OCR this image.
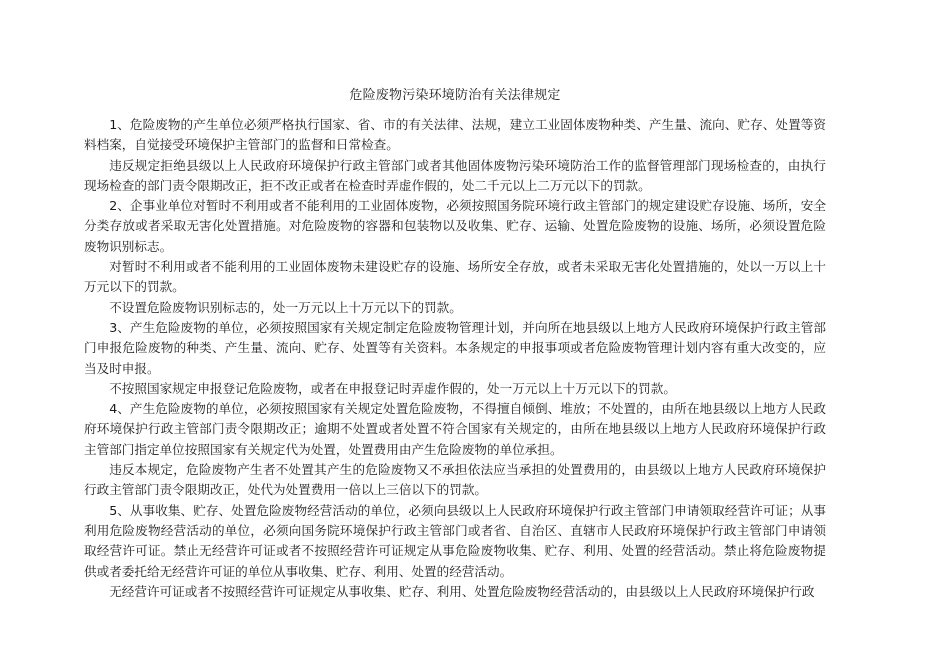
危险废物污染环境防治有关法律规定

1、危险废物的产生单位必须严格执行国家、省、市的有关法律、法规，建立工业固体废物种类、产生量、流向、贮存、处置等资料档案，自觉接受环境保护主管部门的监督和日常检查。

违反规定拒绝县级以上人民政府环境保护行政主管部门或者其他固体废物污染环境防治工作的监督管理部门现场检查的，由执行现场检查的部门责令限期改正，拒不改正或者在检查时弄虚作假的，处二千元以上二万元以下的罚款。

2、企事业单位对暂时不利用或者不能利用的工业固体废物，必须按照国务院环境行政主管部门的规定建设贮存设施、场所，安全分类存放或者采取无害化处置措施。对危险废物的容器和包装物以及收集、贮存、运输、处置危险废物的设施、场所，必须设置危险废物识别标志。

对暂时不利用或者不能利用的工业固体废物未建设贮存的设施、场所安全存放，或者未采取无害化处置措施的，处以一万以上十万元以下的罚款。

不设置危险废物识别标志的，处一万元以上十万元以下的罚款。

3、产生危险废物的单位，必须按照国家有关规定制定危险废物管理计划，并向所在地县级以上地方人民政府环境保护行政主管部门申报危险废物的种类、产生量、流向、贮存、处置等有关资料。本条规定的申报事项或者危险废物管理计划内容有重大改变的，应当及时申报。

不按照国家规定申报登记危险废物，或者在申报登记时弄虚作假的，处一万元以上十万元以下的罚款。

4、产生危险废物的单位，必须按照国家有关规定处置危险废物，不得擅自倾倒、堆放；不处置的，由所在地县级以上地方人民政府环境保护行政主管部门责令限期改正；逾期不处置或者处置不符合国家有关规定的，由所在地县级以上地方人民政府环境保护行政主管部门指定单位按照国家有关规定代为处置，处置费用由产生危险废物的单位承担。

违反本规定，危险废物产生者不处置其产生的危险废物又不承担依法应当承担的处置费用的，由县级以上地方人民政府环境保护行政主管部门责令限期改正，处代为处置费用一倍以上三倍以下的罚款。

5、从事收集、贮存、处置危险废物经营活动的单位，必须向县级以上人民政府环境保护行政主管部门申请领取经营许可证；从事利用危险废物经营活动的单位，必须向国务院环境保护行政主管部门或者省、自治区、直辖市人民政府环境保护行政主管部门申请领取经营许可证。禁止无经营许可证或者不按照经营许可证规定从事危险废物收集、贮存、利用、处置的经营活动。禁止将危险废物提供或者委托给无经营许可证的单位从事收集、贮存、利用、处置的经营活动。

无经营许可证或者不按照经营许可证规定从事收集、贮存、利用、处置危险废物经营活动的，由县级以上人民政府环境保护行政
